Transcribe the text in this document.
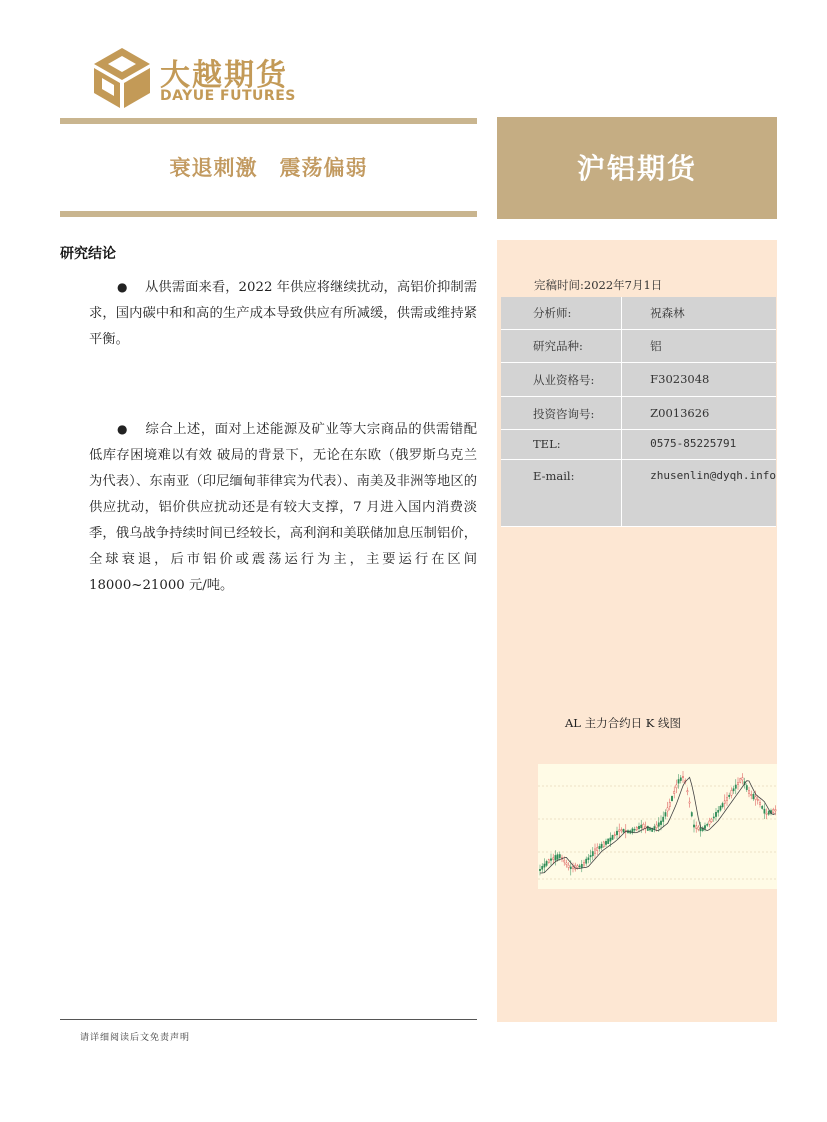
大越期货
DAYUE FUTURES
衰退刺激 震荡偏弱	沪铝期货
研究结论
● 从供需面来看，2022 年供应将继续扰动，高铝价抑制需求，国内碳中和和高的生产成本导致供应有所减缓，供需或维持紧平衡。
● 综合上述，面对上述能源及矿业等大宗商品的供需错配低库存困境难以有效 破局的背景下，无论在东欧（俄罗斯乌克兰为代表）、东南亚（印尼缅甸菲律宾为代表）、南美及非洲等地区的供应扰动，铝价供应扰动还是有较大支撑，7 月进入国内消费淡季，俄乌战争持续时间已经较长，高利润和美联储加息压制铝价，全球衰退，后市铝价或震荡运行为主，主要运行在区间 18000~21000 元/吨。
完稿时间:2022年7月1日
分析师:	祝森林
研究品种:	铝
从业资格号:	F3023048
投资咨询号:	Z0013626
TEL:	0575-85225791
E-mail:	zhusenlin@dyqh.info
AL 主力合约日 K 线图
请详细阅读后文免责声明
